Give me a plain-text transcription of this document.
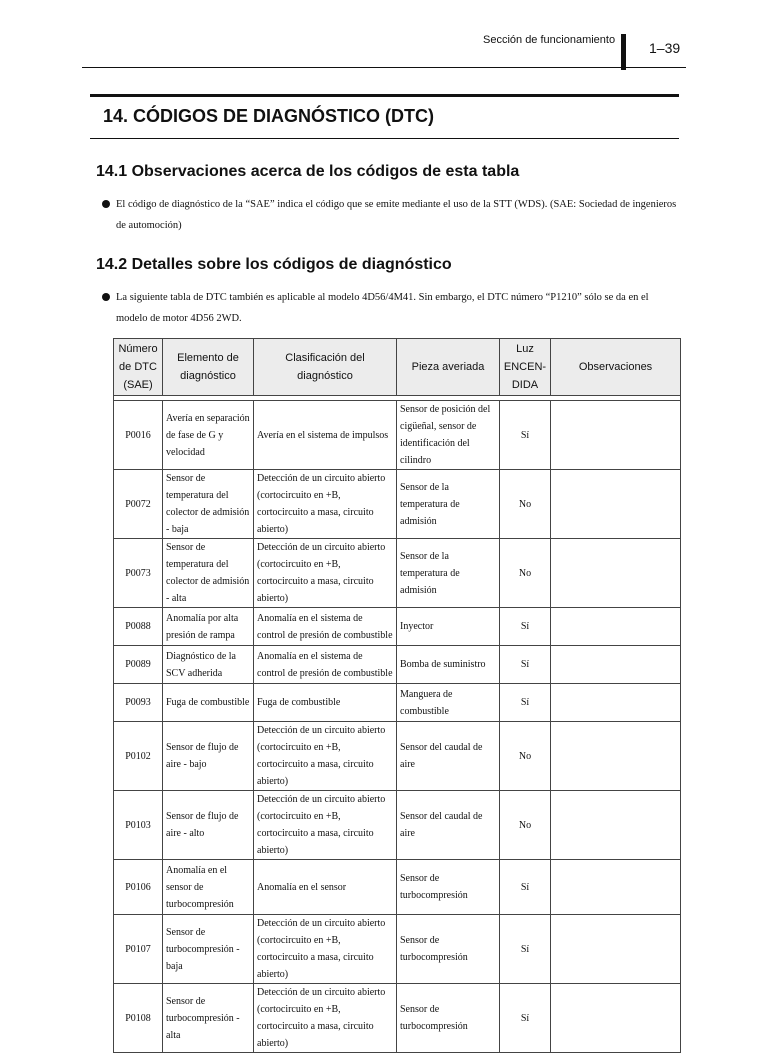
Sección de funcionamiento 1–39
14. CÓDIGOS DE DIAGNÓSTICO (DTC)
14.1 Observaciones acerca de los códigos de esta tabla
El código de diagnóstico de la “SAE” indica el código que se emite mediante el uso de la STT (WDS). (SAE: Sociedad de ingenieros de automoción)
14.2 Detalles sobre los códigos de diagnóstico
La siguiente tabla de DTC también es aplicable al modelo 4D56/4M41. Sin embargo, el DTC número “P1210” sólo se da en el modelo de motor 4D56 2WD.
Número de DTC (SAE)	Elemento de diagnóstico	Clasificación del diagnóstico	Pieza averiada	Luz ENCEN-DIDA	Observaciones

P0016	Avería en separación de fase de G y velocidad	Avería en el sistema de impulsos	Sensor de posición del cigüeñal, sensor de identificación del cilindro	Sí	
P0072	Sensor de temperatura del colector de admisión - baja	Detección de un circuito abierto (cortocircuito en +B, cortocircuito a masa, circuito abierto)	Sensor de la temperatura de admisión	No	
P0073	Sensor de temperatura del colector de admisión - alta	Detección de un circuito abierto (cortocircuito en +B, cortocircuito a masa, circuito abierto)	Sensor de la temperatura de admisión	No	
P0088	Anomalía por alta presión de rampa	Anomalía en el sistema de control de presión de combustible	Inyector	Sí	
P0089	Diagnóstico de la SCV adherida	Anomalía en el sistema de control de presión de combustible	Bomba de suministro	Sí	
P0093	Fuga de combustible	Fuga de combustible	Manguera de combustible	Sí	
P0102	Sensor de flujo de aire - bajo	Detección de un circuito abierto (cortocircuito en +B, cortocircuito a masa, circuito abierto)	Sensor del caudal de aire	No	
P0103	Sensor de flujo de aire - alto	Detección de un circuito abierto (cortocircuito en +B, cortocircuito a masa, circuito abierto)	Sensor del caudal de aire	No	
P0106	Anomalía en el sensor de turbocompresión	Anomalía en el sensor	Sensor de turbocompresión	Sí	
P0107	Sensor de turbocompresión - baja	Detección de un circuito abierto (cortocircuito en +B, cortocircuito a masa, circuito abierto)	Sensor de turbocompresión	Sí	
P0108	Sensor de turbocompresión - alta	Detección de un circuito abierto (cortocircuito en +B, cortocircuito a masa, circuito abierto)	Sensor de turbocompresión	Sí	
